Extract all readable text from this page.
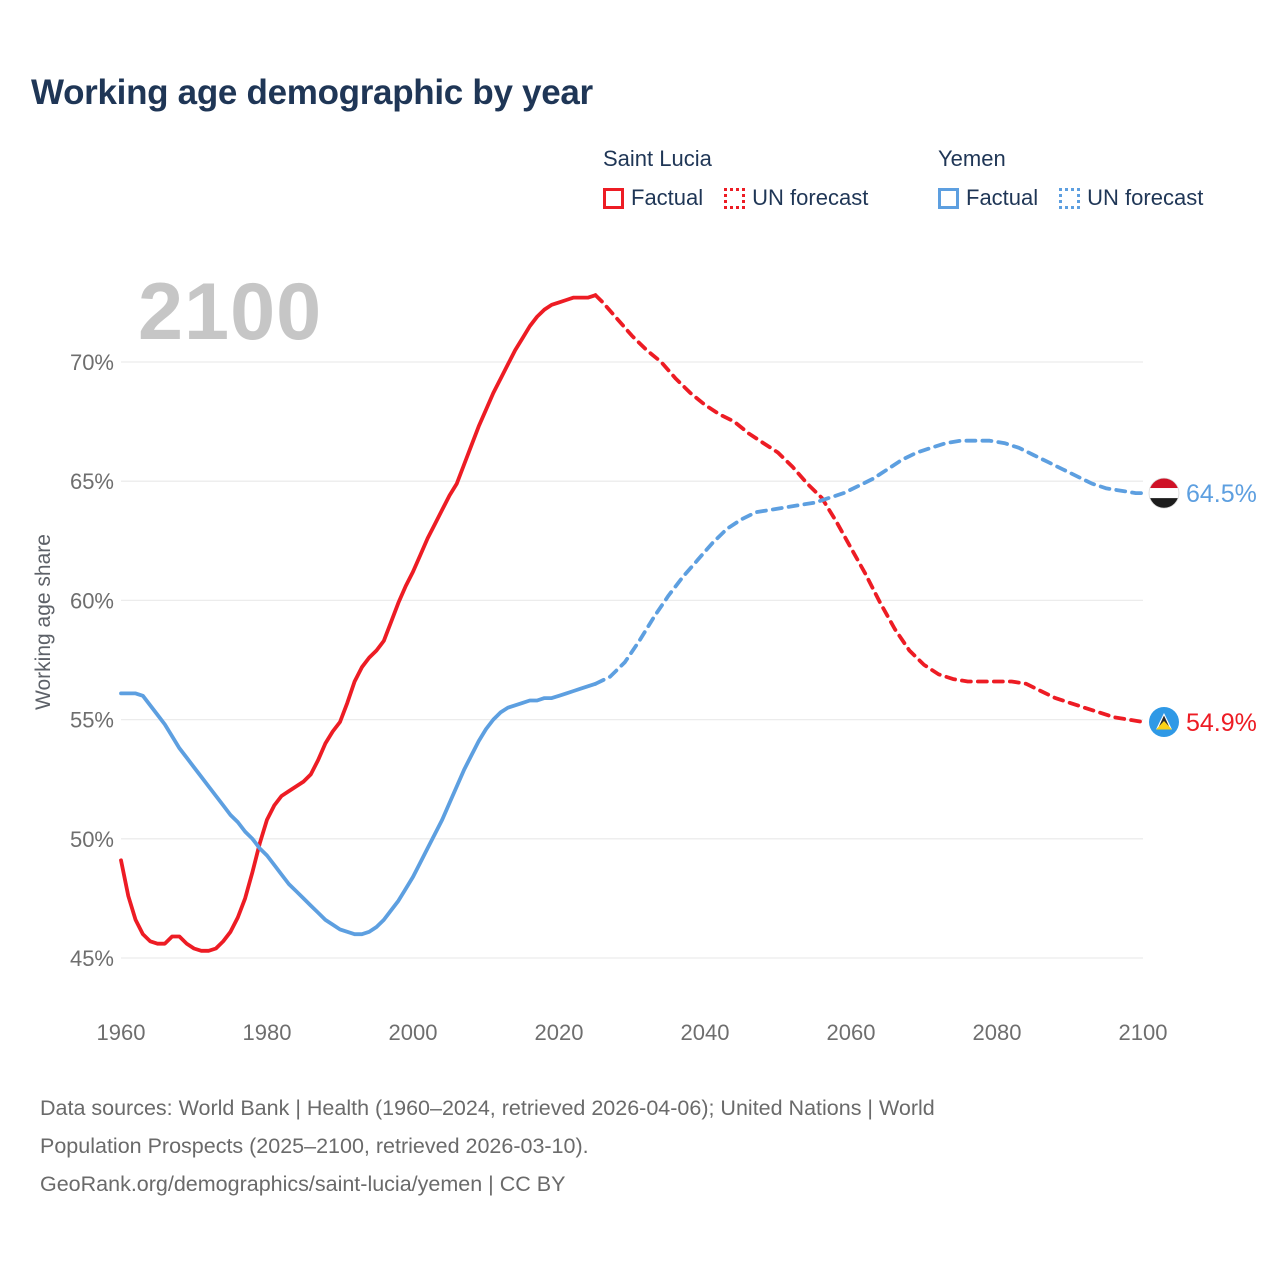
Working age demographic by year
Saint Lucia
Factual UN forecast
Yemen
Factual UN forecast
2100
Working age share
45%
50%
55%
60%
65%
70%
1960	1980	2000	2020	2040	2060	2080	2100
64.5%
54.9%
Data sources: World Bank | Health (1960–2024, retrieved 2026-04-06); United Nations | World
Population Prospects (2025–2100, retrieved 2026-03-10).
GeoRank.org/demographics/saint-lucia/yemen | CC BY
